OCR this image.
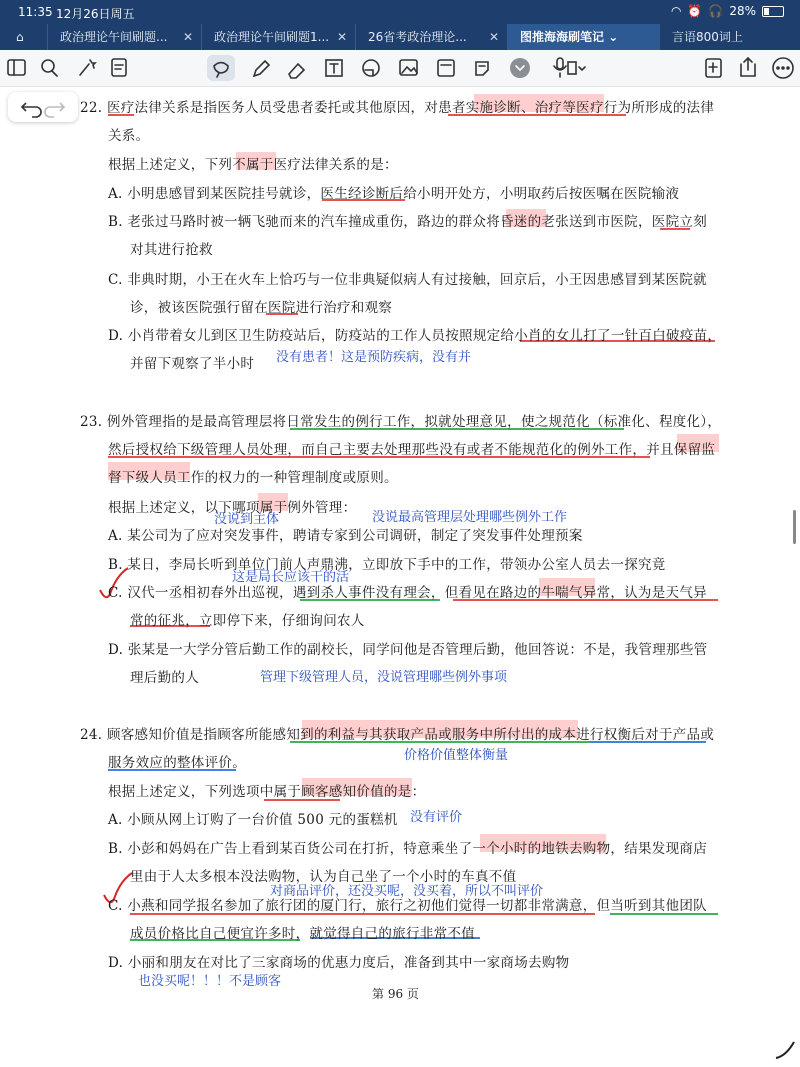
11:35 12月26日周五	◠ ⏰ 🎧 28%
⌂	政治理论午间刷题... ✕	政治理论午间刷题1... ✕	26省考政治理论... ✕	图推海海刷笔记 ⌄	言语800词上
22. 医疗法律关系是指医务人员受患者委托或其他原因，对患者实施诊断、治疗等医疗行为所形成的法律
关系。
根据上述定义，下列不属于医疗法律关系的是：
A. 小明患感冒到某医院挂号就诊，医生经诊断后给小明开处方，小明取药后按医嘱在医院输液
B. 老张过马路时被一辆飞驰而来的汽车撞成重伤，路边的群众将昏迷的老张送到市医院，医院立刻
对其进行抢救
C. 非典时期，小王在火车上恰巧与一位非典疑似病人有过接触，回京后，小王因患感冒到某医院就
诊，被该医院强行留在医院进行治疗和观察
D. 小肖带着女儿到区卫生防疫站后，防疫站的工作人员按照规定给小肖的女儿打了一针百白破疫苗，
并留下观察了半小时 没有患者！这是预防疾病，没有并
23. 例外管理指的是最高管理层将日常发生的例行工作，拟就处理意见，使之规范化（标准化、程度化），
然后授权给下级管理人员处理，而自己主要去处理那些没有或者不能规范化的例外工作，并且保留监
督下级人员工作的权力的一种管理制度或原则。
根据上述定义，以下哪项属于例外管理：
没说到主体	没说最高管理层处理哪些例外工作
A. 某公司为了应对突发事件，聘请专家到公司调研，制定了突发事件处理预案
B. 某日，李局长听到单位门前人声鼎沸，立即放下手中的工作，带领办公室人员去一探究竟
这是局长应该干的活
C. 汉代一丞相初春外出巡视，遇到杀人事件没有理会，但看见在路边的牛喘气异常，认为是天气异
常的征兆，立即停下来，仔细询问农人
D. 张某是一大学分管后勤工作的副校长，同学问他是否管理后勤，他回答说：不是，我管理那些管
理后勤的人	管理下级管理人员，没说管理哪些例外事项
24. 顾客感知价值是指顾客所能感知到的利益与其获取产品或服务中所付出的成本进行权衡后对于产品或
服务效应的整体评价。	价格价值整体衡量
根据上述定义，下列选项中属于顾客感知价值的是：
A. 小顾从网上订购了一台价值 500 元的蛋糕机 没有评价
B. 小彭和妈妈在广告上看到某百货公司在打折，特意乘坐了一个小时的地铁去购物，结果发现商店
里由于人太多根本没法购物，认为自己坐了一个小时的车真不值
对商品评价，还没买呢，没买着，所以不叫评价
C. 小燕和同学报名参加了旅行团的厦门行，旅行之初他们觉得一切都非常满意，但当听到其他团队
成员价格比自己便宜许多时，就觉得自己的旅行非常不值
D. 小丽和朋友在对比了三家商场的优惠力度后，准备到其中一家商场去购物
也没买呢！！！不是顾客
第 96 页
